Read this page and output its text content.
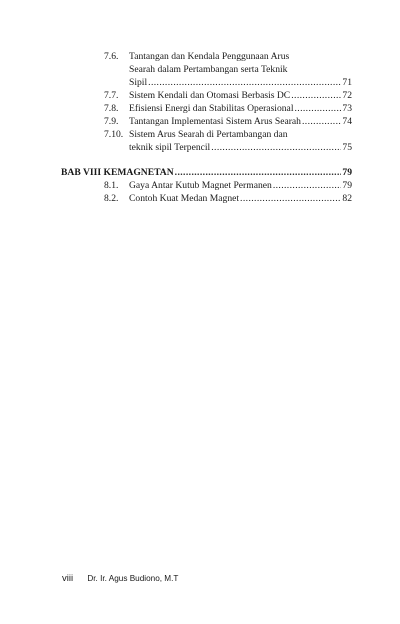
7.6.	Tantangan dan Kendala Penggunaan Arus
Searah dalam Pertambangan serta Teknik
Sipil .....	71
7.7.	Sistem Kendali dan Otomasi Berbasis DC .....	72
7.8.	Efisiensi Energi dan Stabilitas Operasional .....	73
7.9.	Tantangan Implementasi Sistem Arus Searah .....	74
7.10. Sistem Arus Searah di Pertambangan dan
teknik sipil Terpencil .....	75
BAB VIII KEMAGNETAN .....	79
8.1.	Gaya Antar Kutub Magnet Permanen .....	79
8.2.	Contoh Kuat Medan Magnet .....	82
viii Dr. Ir. Agus Budiono, M.T
